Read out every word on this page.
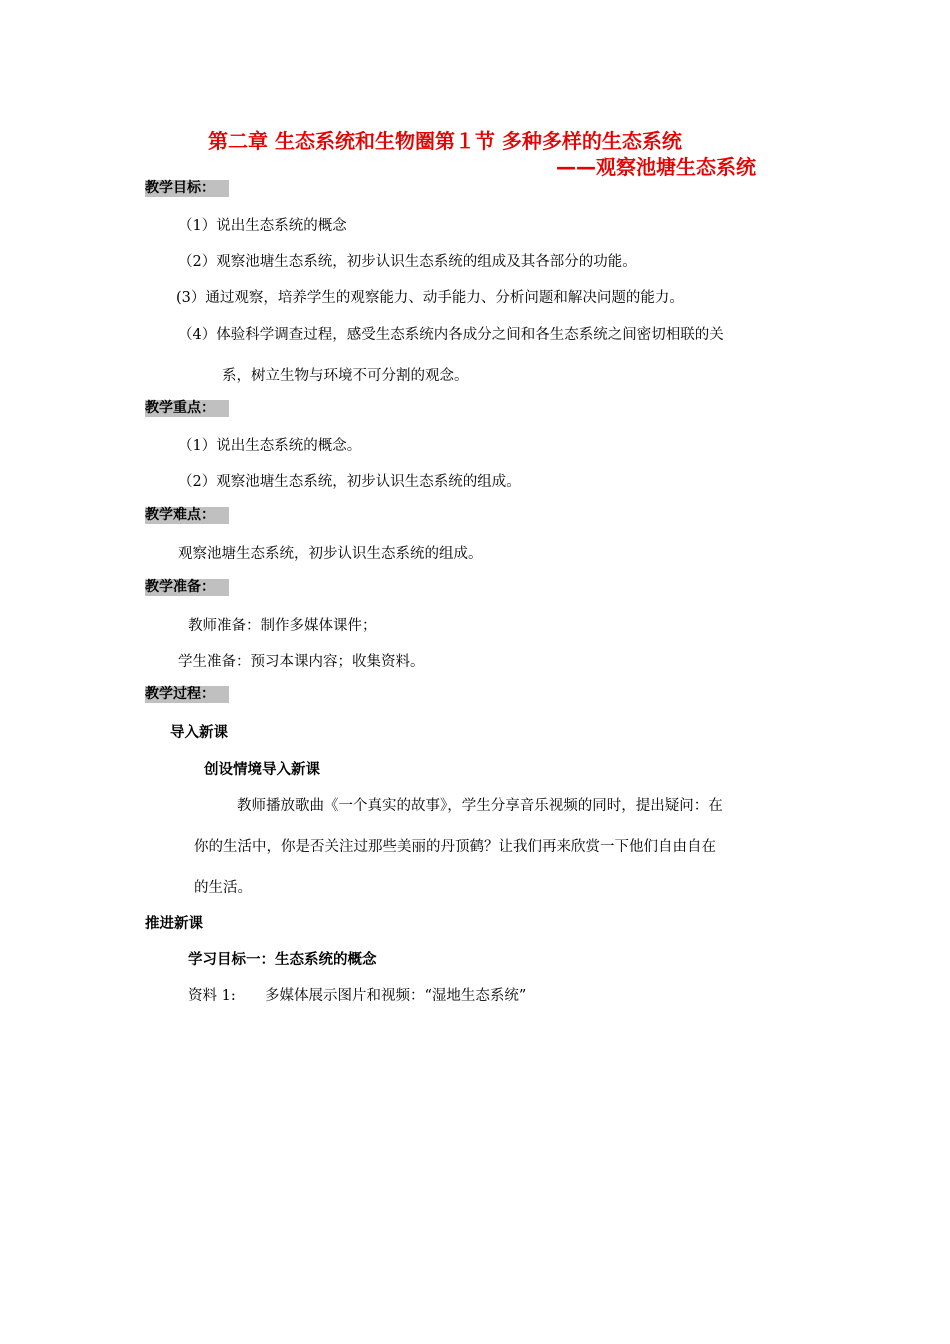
第二章 生态系统和生物圈第１节 多种多样的生态系统
——观察池塘生态系统
教学目标：
（1）说出生态系统的概念
（2）观察池塘生态系统，初步认识生态系统的组成及其各部分的功能。
(3）通过观察，培养学生的观察能力、动手能力、分析问题和解决问题的能力。
（4）体验科学调查过程，感受生态系统内各成分之间和各生态系统之间密切相联的关
系，树立生物与环境不可分割的观念。
教学重点：
（1）说出生态系统的概念。
（2）观察池塘生态系统，初步认识生态系统的组成。
教学难点：
观察池塘生态系统，初步认识生态系统的组成。
教学准备：
教师准备：制作多媒体课件；
学生准备：预习本课内容；收集资料。
教学过程：
导入新课
创设情境导入新课
教师播放歌曲《一个真实的故事》，学生分享音乐视频的同时，提出疑问：在
你的生活中，你是否关注过那些美丽的丹顶鹤？让我们再来欣赏一下他们自由自在
的生活。
推进新课
学习目标一：生态系统的概念
资料 1: 多媒体展示图片和视频：“湿地生态系统”
